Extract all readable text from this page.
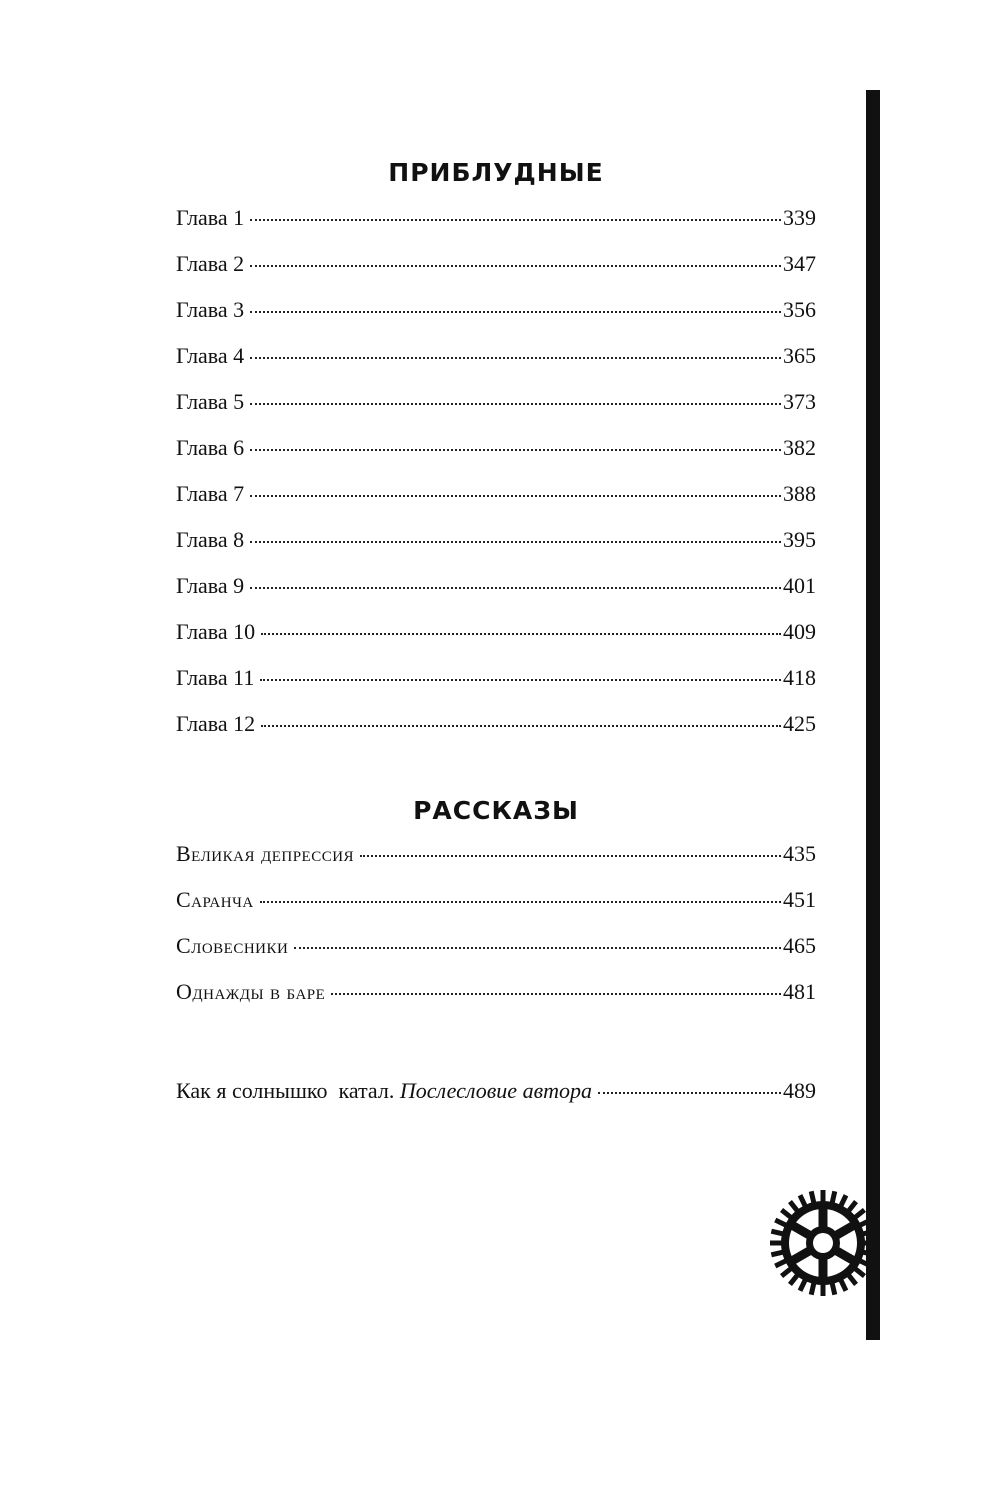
ПРИБЛУДНЫЕ
Глава 1	339
Глава 2	347
Глава 3	356
Глава 4	365
Глава 5	373
Глава 6	382
Глава 7	388
Глава 8	395
Глава 9	401
Глава 10	409
Глава 11	418
Глава 12	425
РАССКАЗЫ
Великая депрессия	435
Саранча	451
Словесники	465
Однажды в баре	481
Как я солнышко  катал. Послесловие автора	489
